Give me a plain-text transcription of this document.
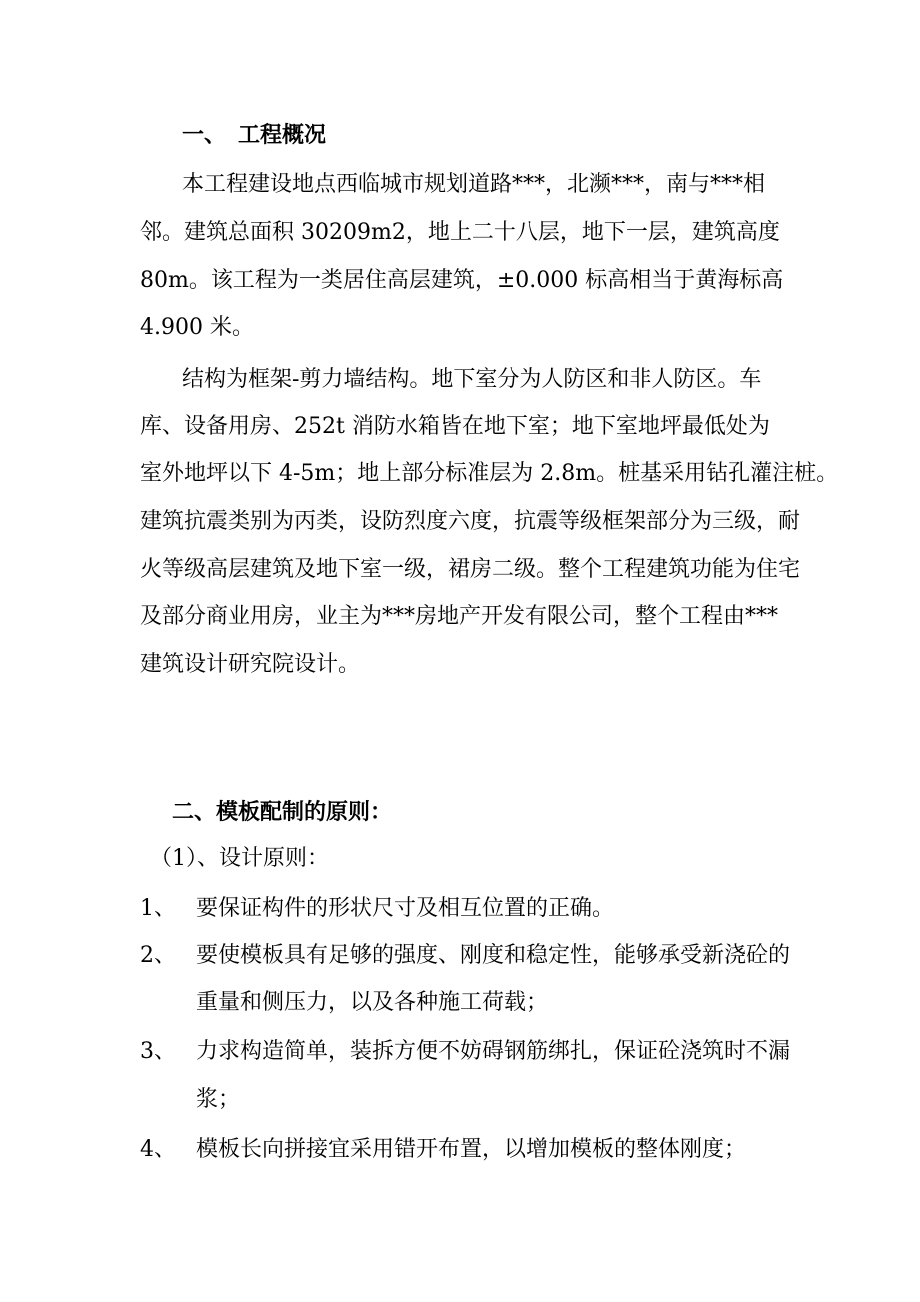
一、 工程概况
本工程建设地点西临城市规划道路***，北濒***，南与***相
邻。建筑总面积 30209m2，地上二十八层，地下一层，建筑高度
80m。该工程为一类居住高层建筑，±0.000 标高相当于黄海标高
4.900 米。
结构为框架-剪力墙结构。地下室分为人防区和非人防区。车
库、设备用房、252t 消防水箱皆在地下室；地下室地坪最低处为
室外地坪以下 4-5m；地上部分标准层为 2.8m。桩基采用钻孔灌注桩。
建筑抗震类别为丙类，设防烈度六度，抗震等级框架部分为三级，耐
火等级高层建筑及地下室一级，裙房二级。整个工程建筑功能为住宅
及部分商业用房，业主为***房地产开发有限公司，整个工程由***
建筑设计研究院设计。
二、模板配制的原则：
（1）、设计原则：
1、 要保证构件的形状尺寸及相互位置的正确。
2、 要使模板具有足够的强度、刚度和稳定性，能够承受新浇砼的
重量和侧压力，以及各种施工荷载；
3、 力求构造简单，装拆方便不妨碍钢筋绑扎，保证砼浇筑时不漏
浆；
4、 模板长向拼接宜采用错开布置，以增加模板的整体刚度；
